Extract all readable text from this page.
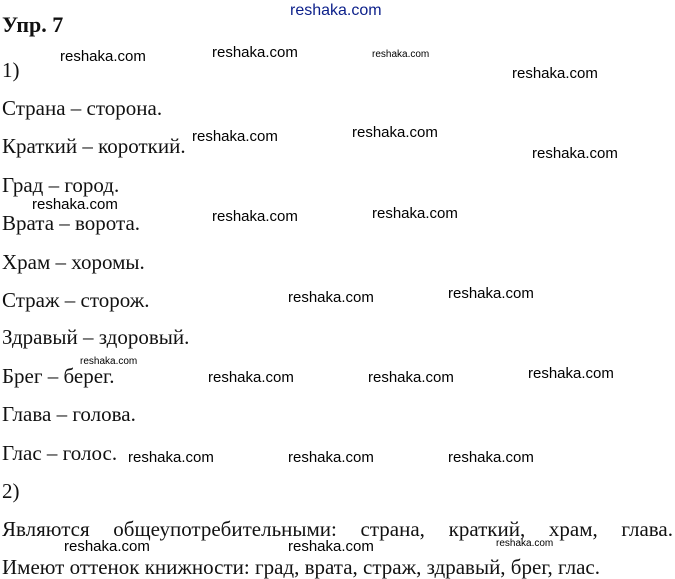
Упр. 7
1)
Страна – сторона.
Краткий – короткий.
Град – город.
Врата – ворота.
Храм – хоромы.
Страж – сторож.
Здравый – здоровый.
Брег – берег.
Глава – голова.
Глас – голос.
2)
Являются общеупотребительными: страна, краткий, храм, глава.
Имеют оттенок книжности: град, врата, страж, здравый, брег, глас.
reshaka.com
reshaka.com	reshaka.com	reshaka.com
reshaka.com
reshaka.com	reshaka.com
reshaka.com
reshaka.com
reshaka.com	reshaka.com
reshaka.com	reshaka.com
reshaka.com
reshaka.com	reshaka.com	reshaka.com
reshaka.com	reshaka.com	reshaka.com
reshaka.com	reshaka.com	reshaka.com
